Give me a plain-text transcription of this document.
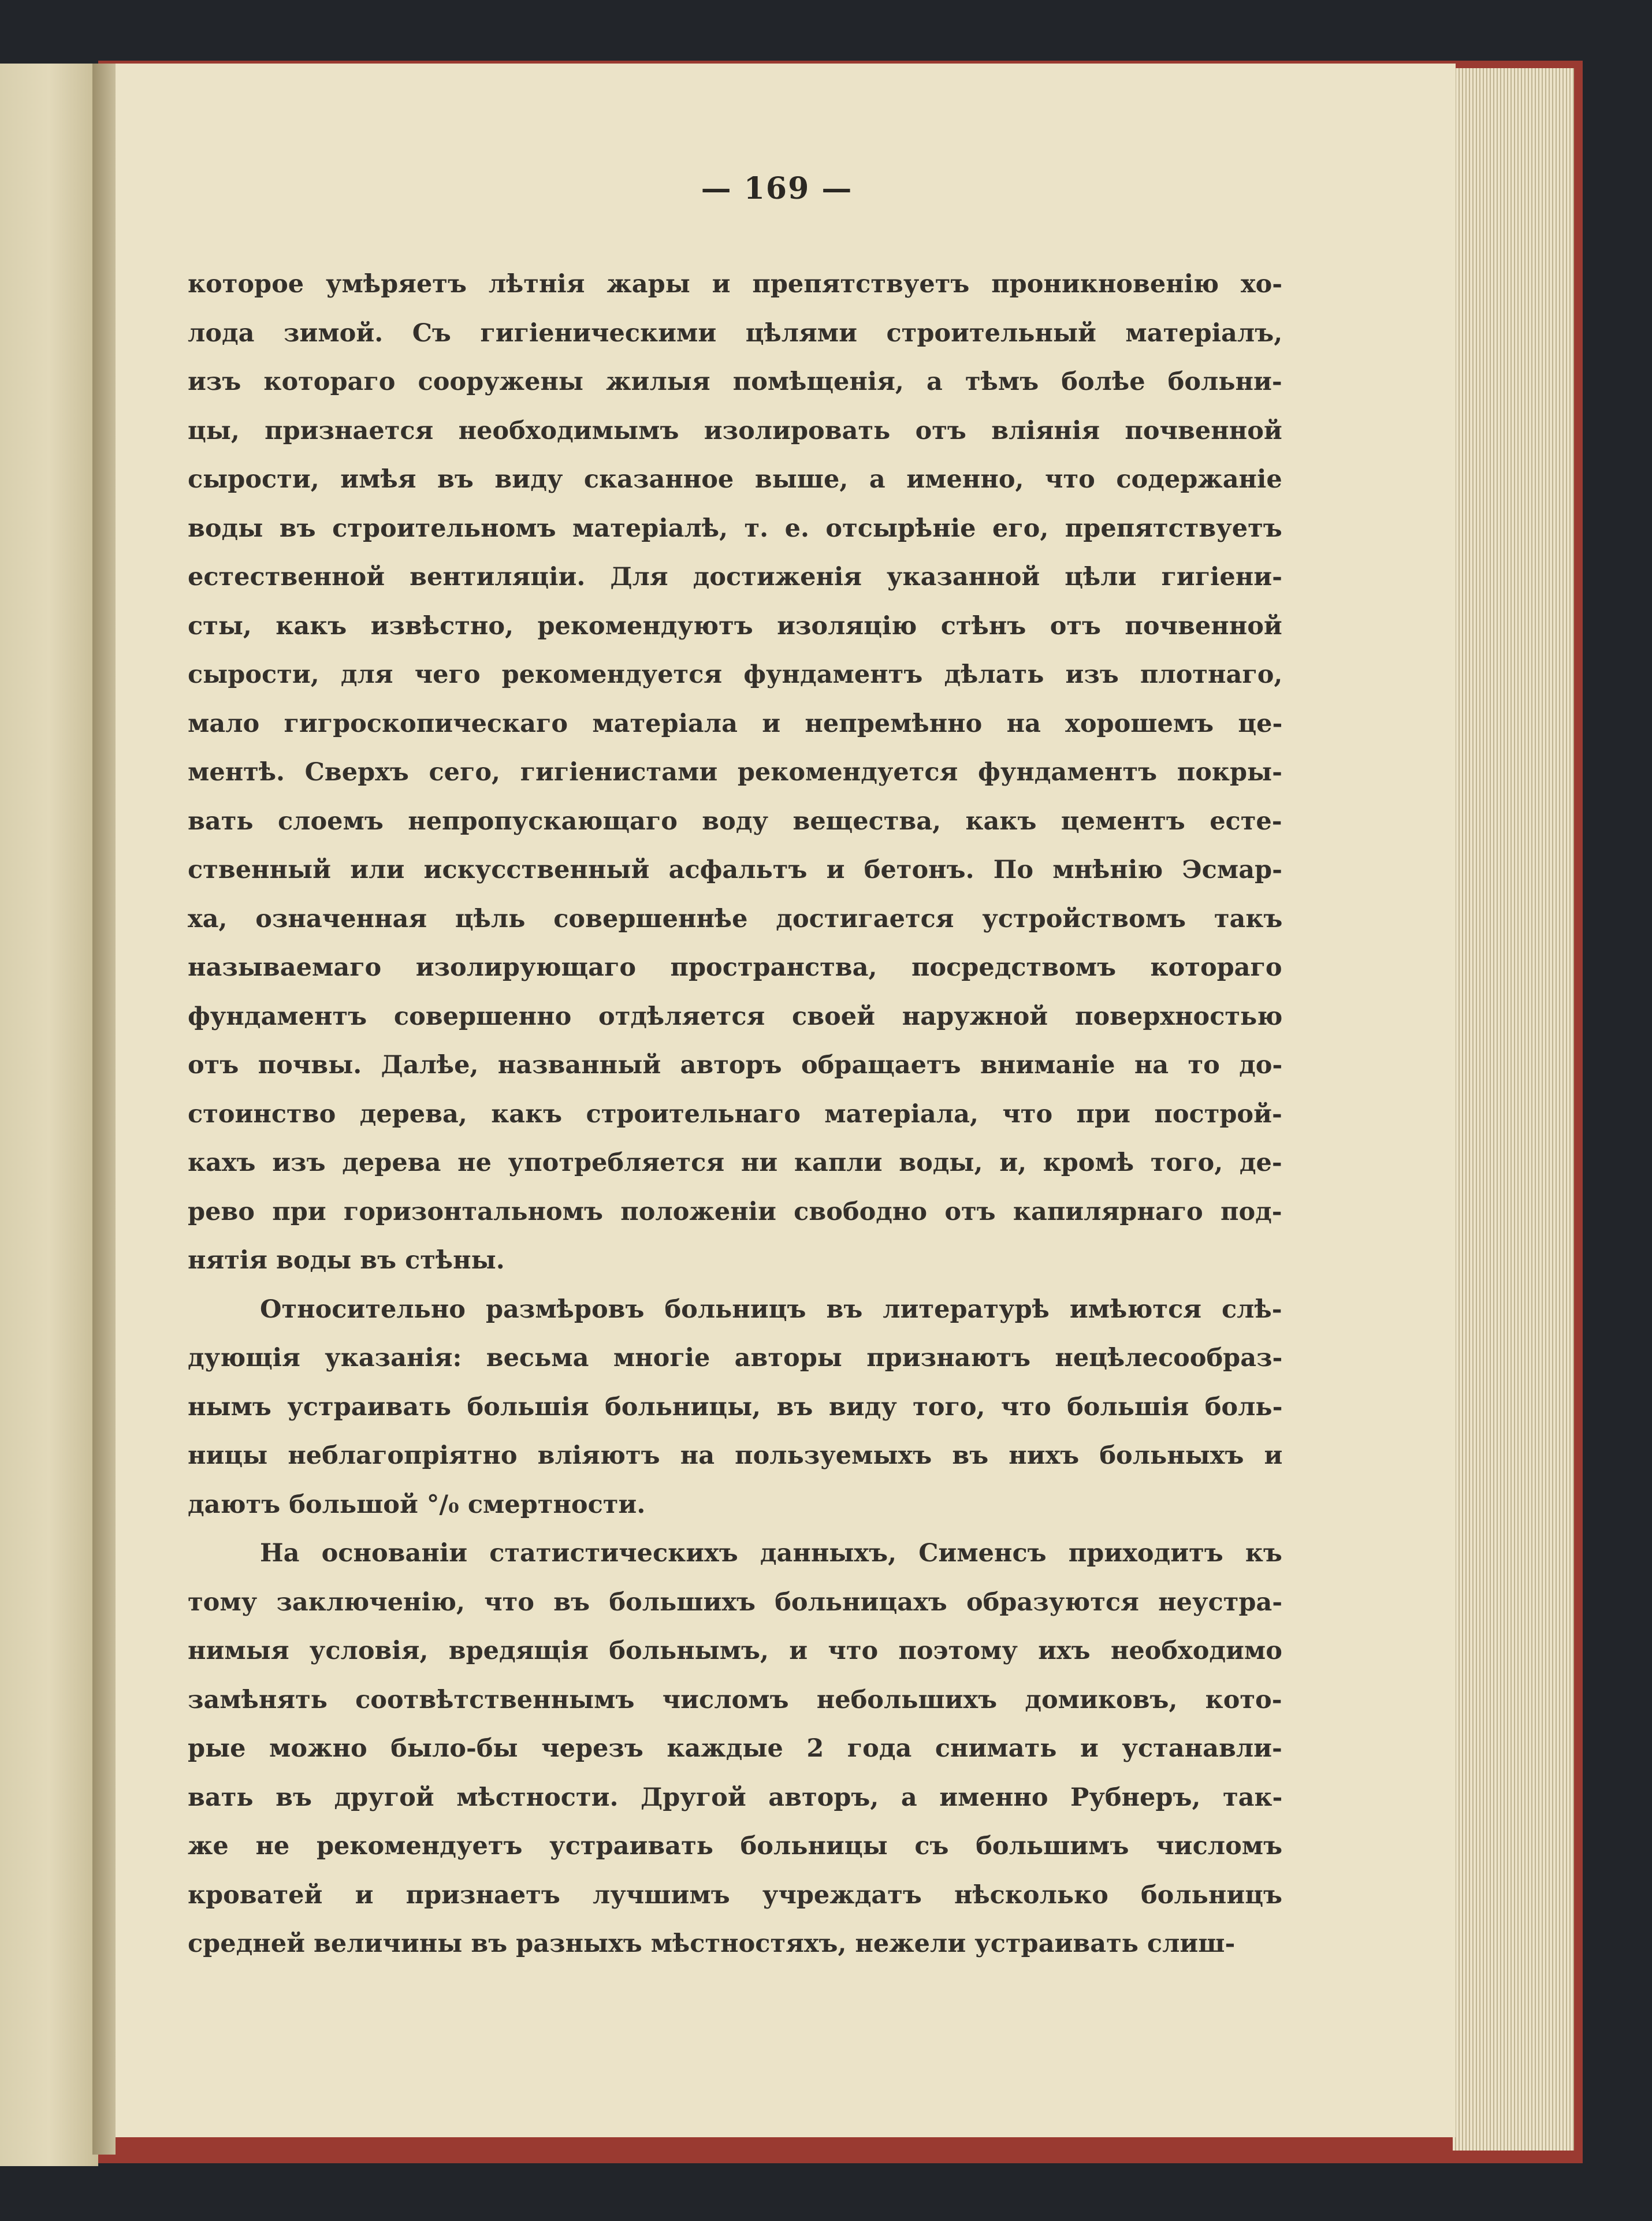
— 169 —
которое умѣряетъ лѣтнія жары и препятствуетъ проникновенію хо-
лода зимой. Съ гигіеническими цѣлями строительный матеріалъ,
изъ котораго сооружены жилыя помѣщенія, а тѣмъ болѣе больни-
цы, признается необходимымъ изолировать отъ вліянія почвенной
сырости, имѣя въ виду сказанное выше, а именно, что содержаніе
воды въ строительномъ матеріалѣ, т. е. отсырѣніе его, препятствуетъ
естественной вентиляціи. Для достиженія указанной цѣли гигіени-
сты, какъ извѣстно, рекомендуютъ изоляцію стѣнъ отъ почвенной
сырости, для чего рекомендуется фундаментъ дѣлать изъ плотнаго,
мало гигроскопическаго матеріала и непремѣнно на хорошемъ це-
ментѣ. Сверхъ сего, гигіенистами рекомендуется фундаментъ покры-
вать слоемъ непропускающаго воду вещества, какъ цементъ есте-
ственный или искусственный асфальтъ и бетонъ. По мнѣнію Эсмар-
ха, означенная цѣль совершеннѣе достигается устройствомъ такъ
называемаго изолирующаго пространства, посредствомъ котораго
фундаментъ совершенно отдѣляется своей наружной поверхностью
отъ почвы. Далѣе, названный авторъ обращаетъ вниманіе на то до-
стоинство дерева, какъ строительнаго матеріала, что при построй-
кахъ изъ дерева не употребляется ни капли воды, и, кромѣ того, де-
рево при горизонтальномъ положеніи свободно отъ капилярнаго под-
нятія воды въ стѣны.
Относительно размѣровъ больницъ въ литературѣ имѣются слѣ-
дующія указанія: весьма многіе авторы признаютъ нецѣлесообраз-
нымъ устраивать большія больницы, въ виду того, что большія боль-
ницы неблагопріятно вліяютъ на пользуемыхъ въ нихъ больныхъ и
даютъ большой °/₀ смертности.
На основаніи статистическихъ данныхъ, Сименсъ приходитъ къ
тому заключенію, что въ большихъ больницахъ образуются неустра-
нимыя условія, вредящія больнымъ, и что поэтому ихъ необходимо
замѣнять соотвѣтственнымъ числомъ небольшихъ домиковъ, кото-
рые можно было-бы черезъ каждые 2 года снимать и устанавли-
вать въ другой мѣстности. Другой авторъ, а именно Рубнеръ, так-
же не рекомендуетъ устраивать больницы съ большимъ числомъ
кроватей и признаетъ лучшимъ учреждатъ нѣсколько больницъ
средней величины въ разныхъ мѣстностяхъ, нежели устраивать слиш-
